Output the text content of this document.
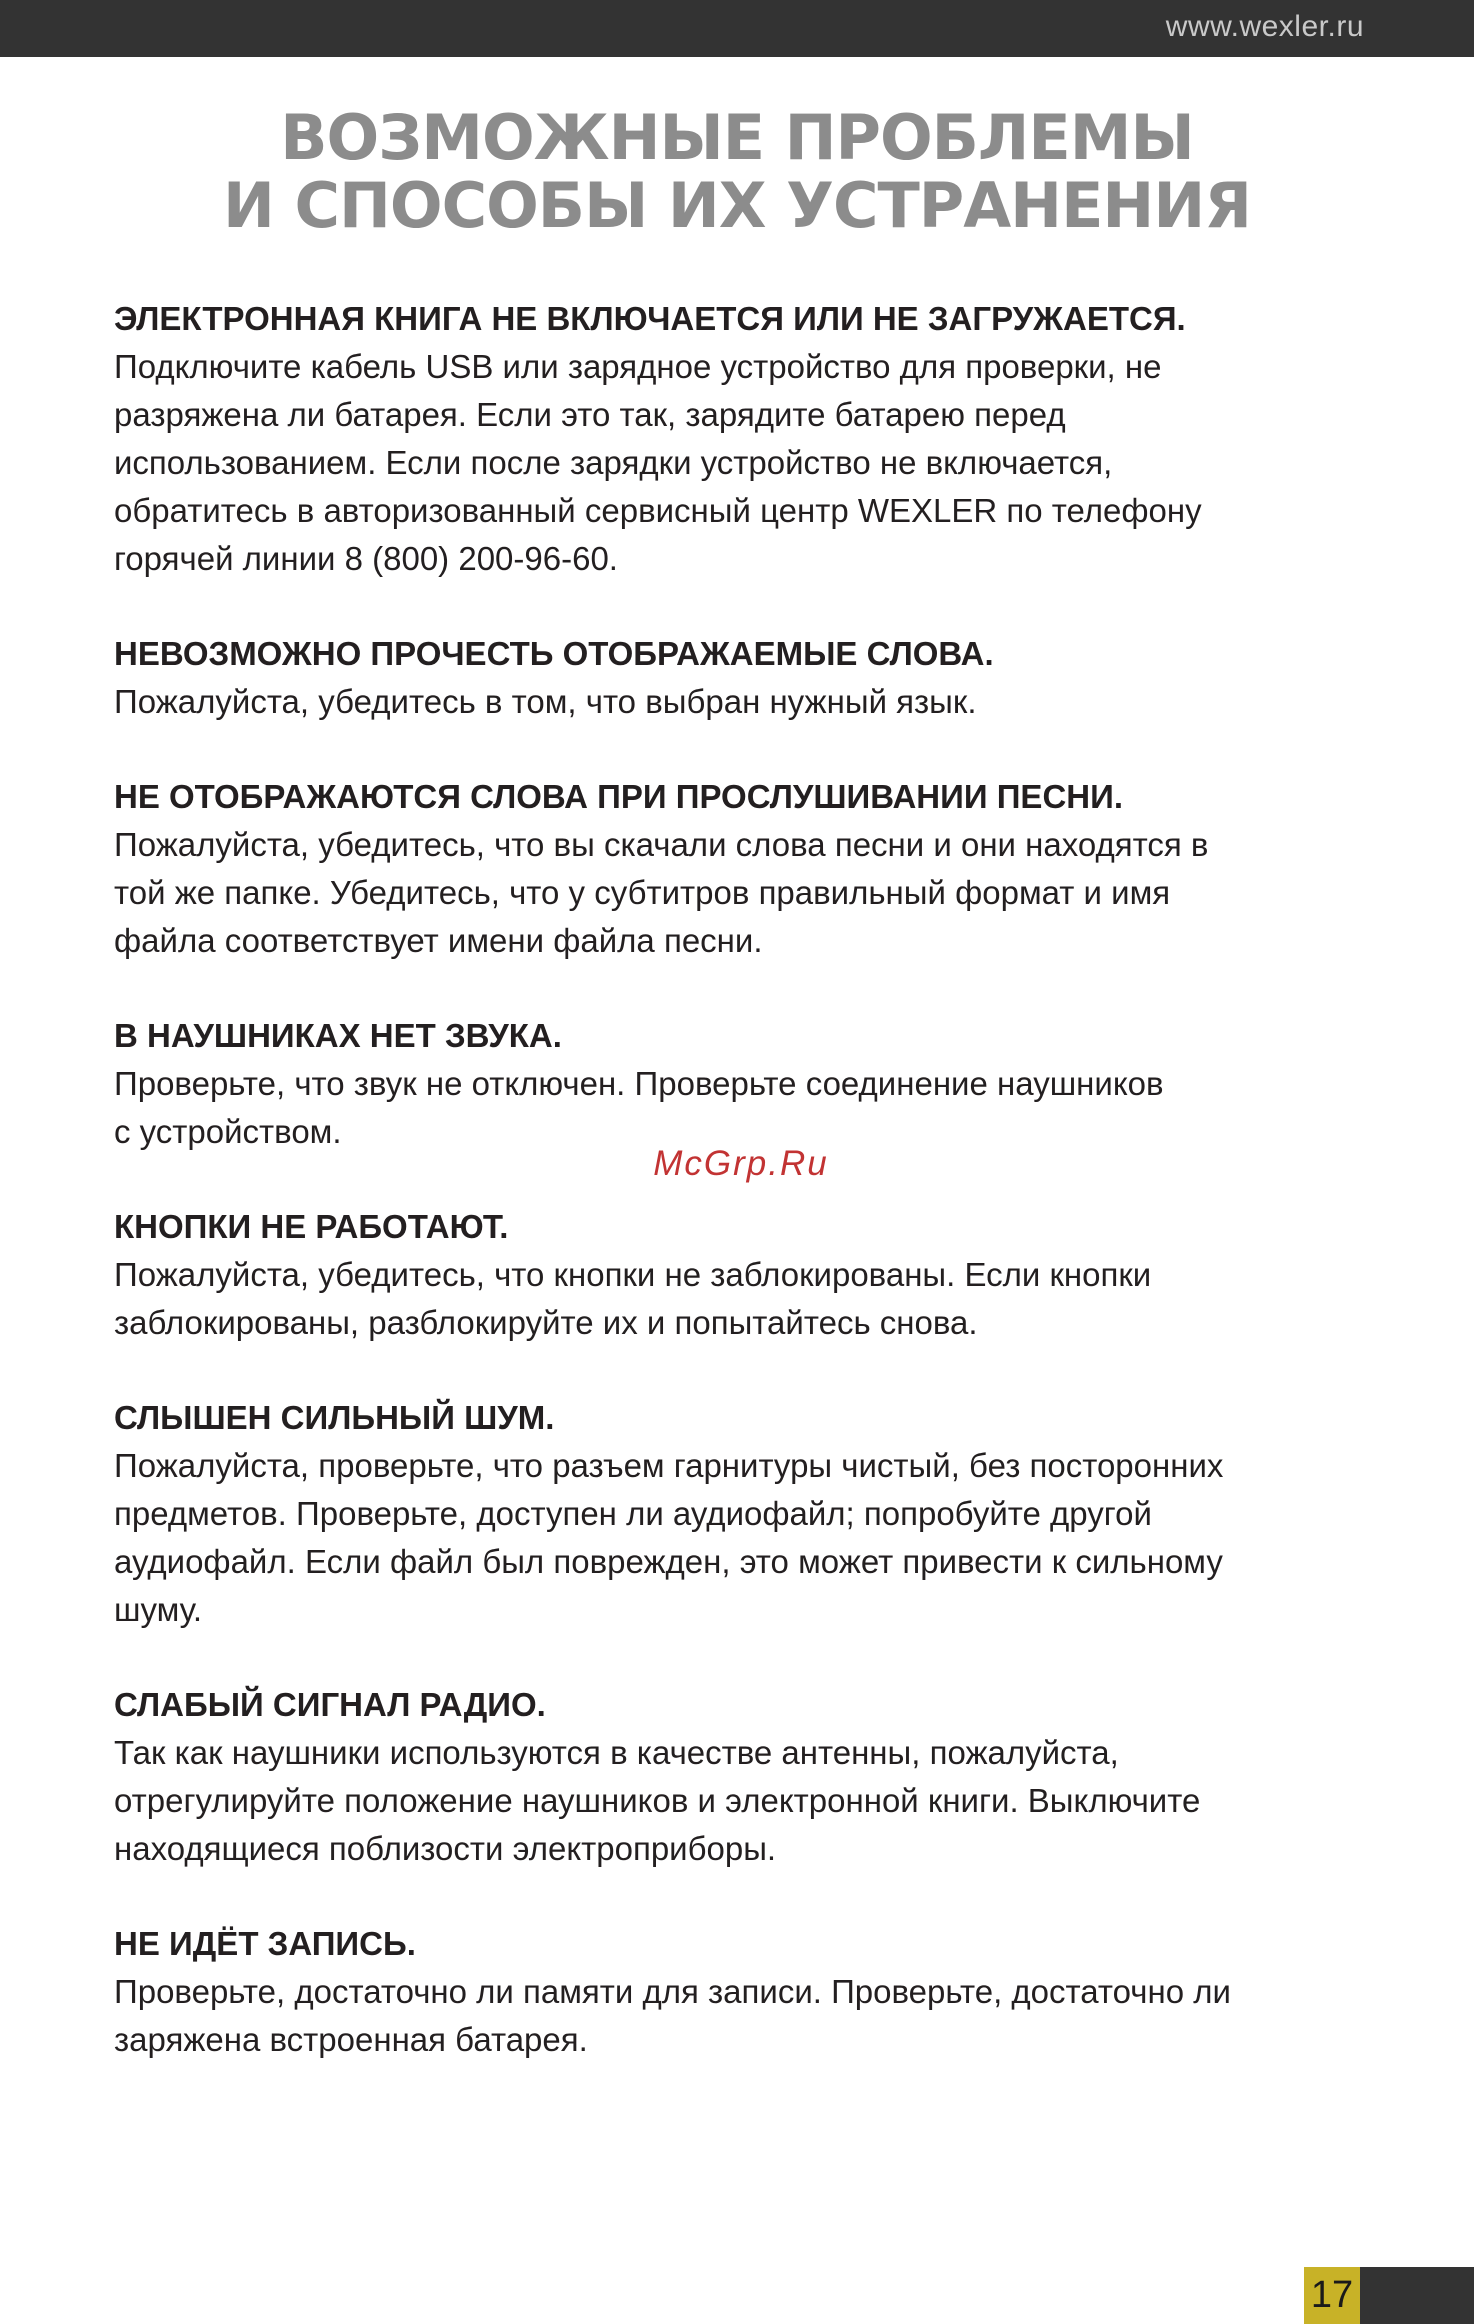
www.wexler.ru
ВОЗМОЖНЫЕ ПРОБЛЕМЫ
И СПОСОБЫ ИХ УСТРАНЕНИЯ
ЭЛЕКТРОННАЯ КНИГА НЕ ВКЛЮЧАЕТСЯ ИЛИ НЕ ЗАГРУЖАЕТСЯ.
Подключите кабель USB или зарядное устройство для проверки, не
разряжена ли батарея. Если это так, зарядите батарею перед
использованием. Если после зарядки устройство не включается,
обратитесь в авторизованный сервисный центр WEXLER по телефону
горячей линии 8 (800) 200-96-60.
НЕВОЗМОЖНО ПРОЧЕСТЬ ОТОБРАЖАЕМЫЕ СЛОВА.
Пожалуйста, убедитесь в том, что выбран нужный язык.
НЕ ОТОБРАЖАЮТСЯ СЛОВА ПРИ ПРОСЛУШИВАНИИ ПЕСНИ.
Пожалуйста, убедитесь, что вы скачали слова песни и они находятся в
той же папке. Убедитесь, что у субтитров правильный формат и имя
файла соответствует имени файла песни.
В НАУШНИКАХ НЕТ ЗВУКА.
Проверьте, что звук не отключен. Проверьте соединение наушников
с устройством.
КНОПКИ НЕ РАБОТАЮТ.
Пожалуйста, убедитесь, что кнопки не заблокированы. Если кнопки
заблокированы, разблокируйте их и попытайтесь снова.
СЛЫШЕН СИЛЬНЫЙ ШУМ.
Пожалуйста, проверьте, что разъем гарнитуры чистый, без посторонних
предметов. Проверьте, доступен ли аудиофайл; попробуйте другой
аудиофайл. Если файл был поврежден, это может привести к сильному
шуму.
СЛАБЫЙ СИГНАЛ РАДИО.
Так как наушники используются в качестве антенны, пожалуйста,
отрегулируйте положение наушников и электронной книги. Выключите
находящиеся поблизости электроприборы.
НЕ ИДЁТ ЗАПИСЬ.
Проверьте, достаточно ли памяти для записи. Проверьте, достаточно ли
заряжена встроенная батарея.
McGrp.Ru
17
